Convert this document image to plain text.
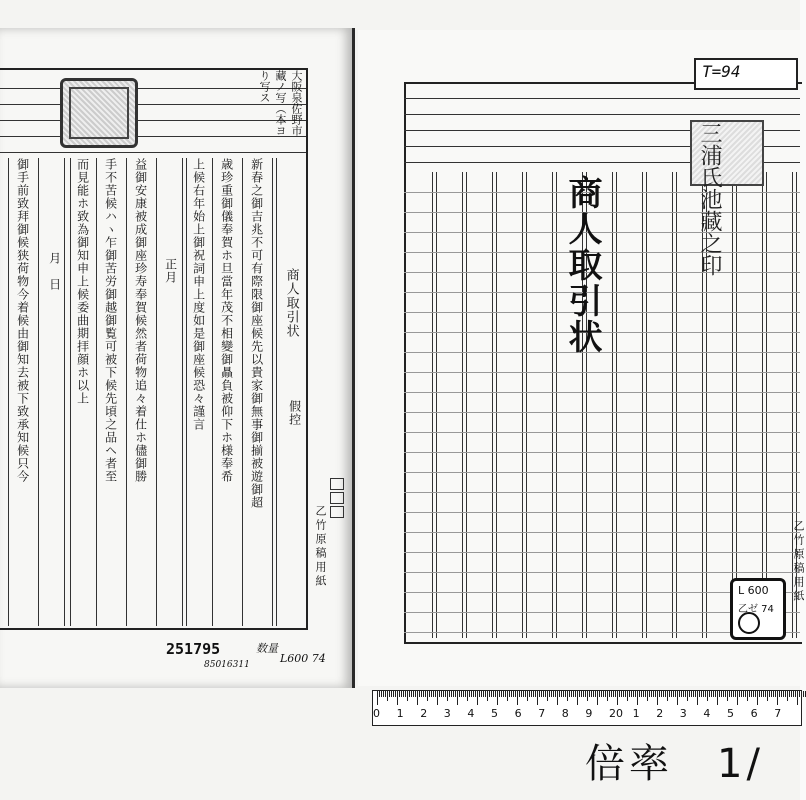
大阪泉佐野市
藏ノ写（本ヨ
り写ス
商人取引状
假控
新春之御吉兆不可有際限御座候先以貴家御無事御揃被遊御超
歳珍重御儀奉賀ホ旦當年茂不相變御贔負被仰下ホ様奉希
上候右年始上御祝詞申上度如是御座候恐々謹言
正月
益御安康被成御座珍寿奉賀候然者荷物追々着仕ホ儘御勝
手不苦候ハヽ乍御苦労御越御覧可被下候先頃之品ヘ者至
而見能ホ致為御知申上候委曲期拝顔ホ以上
月　日
御手前致拜御候狭荷物今着候由御知去被下致承知候只今
乙竹原稿用紙
251795
85016311
数量
L600 74
T=94
三浦氏池藏之印
商人取引状
L 600
乙ゼ 74
乙竹原稿用紙
0 1 2 3 4 5 6 7 8 9 20 1 2 3 4 5 6 7
倍率　1/
